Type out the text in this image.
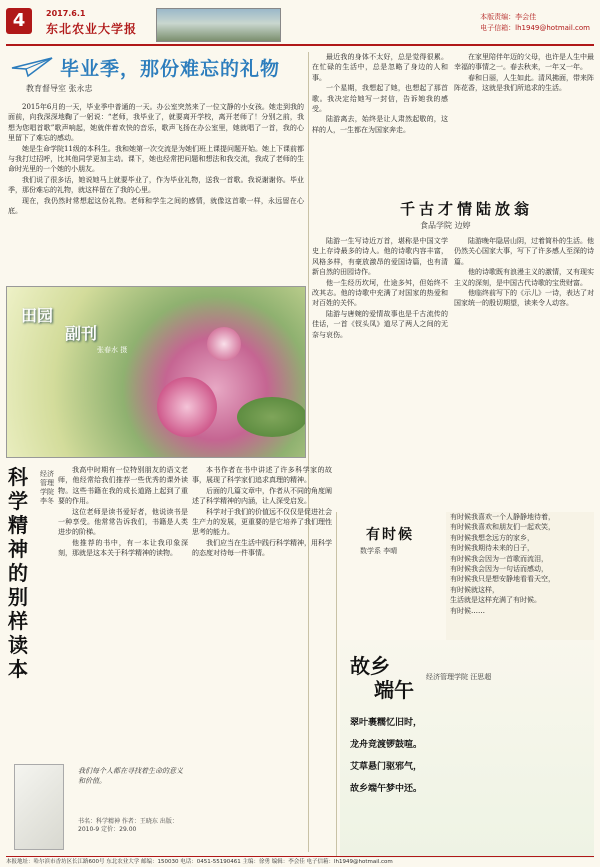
4	2017.6.1
东北农业大学报
本版责编：李会佳
电子信箱：lh1949@hotmail.com
毕业季，那份难忘的礼物
教育督导室 张永忠

2015年6月的一天，毕业季中普通的一天。办公室突然来了一位文静的小女孩。她走到我的面前，向我深深地鞠了一躬说：“老师，我毕业了，就要离开学校，离开老师了！分别之前，我想为您唱首歌”歌声响起，她就伴着欢快的音乐，歌声飞扬在办公室里，她就唱了一首，我的心里留下了难忘的感动。

她是生命学院11级的本科生。我和她第一次交流是为她们班上课提问题开始。她上下课前都与我打过招呼，比其他同学更加主动。课下，她也经常把问题和想法和我交流，我成了老师的生命时光里的一个她的小朋友。

我们说了很多话，她说她马上就要毕业了，作为毕业礼物，送我一首歌。我说谢谢你。毕业季，那份难忘的礼物，就这样留在了我的心里。

现在，我仍然时常想起这份礼物。老师和学生之间的感情，就像这首歌一样，永远留在心底。

最近我的身体不太好，总是觉得很累。在忙碌的生活中，总是忽略了身边的人和事。

一个星期，我想起了她，也想起了那首歌。我决定给她写一封信，告诉她我的感受。

陆游离去，始终是让人肃然起敬的，这样的人，一生都在为国家奔走。

在家里陪伴年迈的父母，也许是人生中最幸福的事情之一。春去秋来，一年又一年。

春和日丽，人生如此。清风拂面，带来阵阵花香，这就是我们所追求的生活。

千古才情陆放翁
食品学院 边婷

陆游一生写诗近万首，堪称是中国文学史上存诗最多的诗人。他的诗歌内容丰富，风格多样，有豪放激昂的爱国诗篇，也有清新自然的田园诗作。

他一生经历坎坷，仕途多舛，但始终不改其志。他的诗歌中充满了对国家的热爱和对百姓的关怀。

陆游与唐婉的爱情故事也是千古流传的佳话，一首《钗头凤》道尽了两人之间的无奈与哀伤。

陆游晚年隐居山阴，过着简朴的生活。他仍然关心国家大事，写下了许多感人至深的诗篇。

他的诗歌既有浪漫主义的激情，又有现实主义的深刻，是中国古代诗歌的宝贵财富。

他临终前写下的《示儿》一诗，表达了对国家统一的殷切期望，读来令人动容。

田园
副刊
张春水 摄
科学精神的别样读本
经济管理学院 李冬

我高中时期有一位特别朋友的语文老师，他经常给我们推荐一些优秀的课外读物。这些书籍在我的成长道路上起到了重要的作用。

这位老师是读书爱好者，他说读书是一种享受。他常常告诉我们，书籍是人类进步的阶梯。

他推荐的书中，有一本让我印象深刻，那就是这本关于科学精神的读物。

本书作者在书中讲述了许多科学家的故事，展现了科学家们追求真理的精神。

后面的几篇文章中，作者从不同的角度阐述了科学精神的内涵，让人深受启发。

科学对于我们的价值远不仅仅是促进社会生产力的发展，更重要的是它培养了我们理性思考的能力。

我们应当在生活中践行科学精神，用科学的态度对待每一件事情。

我们每个人都在寻找着生命的意义和价值。
书名：科学精神 作者：王晓东 出版：2010-9 定价：29.00
有时候
数学系 李晴
有时候我喜欢一个人静静地待着，
有时候我喜欢和朋友们一起欢笑，
有时候我想念远方的家乡，
有时候我期待未来的日子，
有时候我会因为一首歌而流泪，
有时候我会因为一句话而感动，
有时候我只是想安静地看看天空，
有时候就这样，
生活就是这样充满了有时候。
有时候……
故乡
端午
经济管理学院 汪思超
翠叶裹糯忆旧时，
龙舟竞渡锣鼓喧。
艾草悬门驱邪气，
故乡端午梦中还。
本报地址：哈尔滨市香坊区长江路600号 东北农业大学 邮编：150030 电话：0451-55190461 主编：徐勇 编辑：李会佳 电子信箱：lh1949@hotmail.com
